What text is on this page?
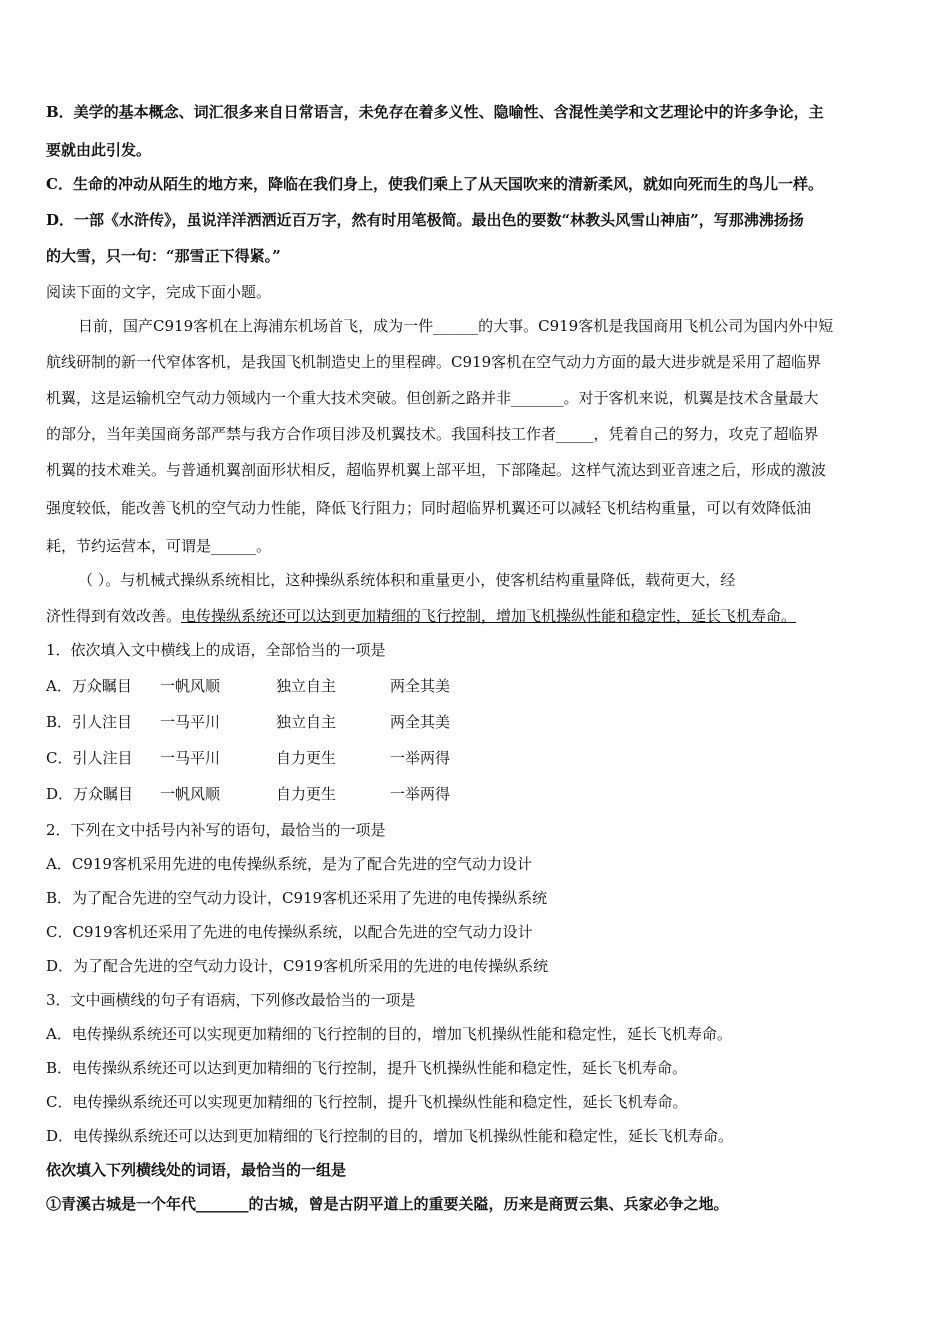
B．美学的基本概念、词汇很多来自日常语言，未免存在着多义性、隐喻性、含混性美学和文艺理论中的许多争论，主
要就由此引发。
C．生命的冲动从陌生的地方来，降临在我们身上，使我们乘上了从天国吹来的清新柔风，就如向死而生的鸟儿一样。
D．一部《水浒传》，虽说洋洋洒洒近百万字，然有时用笔极简。最出色的要数“林教头风雪山神庙”，写那沸沸扬扬
的大雪，只一句：“那雪正下得紧。”
阅读下面的文字，完成下面小题。
日前，国产C919客机在上海浦东机场首飞，成为一件______的大事。C919客机是我国商用飞机公司为国内外中短
航线研制的新一代窄体客机，是我国飞机制造史上的里程碑。C919客机在空气动力方面的最大进步就是采用了超临界
机翼，这是运输机空气动力领域内一个重大技术突破。但创新之路并非_______。对于客机来说，机翼是技术含量最大
的部分，当年美国商务部严禁与我方合作项目涉及机翼技术。我国科技工作者_____，凭着自己的努力，攻克了超临界
机翼的技术难关。与普通机翼剖面形状相反，超临界机翼上部平坦，下部隆起。这样气流达到亚音速之后，形成的激波
强度较低，能改善飞机的空气动力性能，降低飞行阻力；同时超临界机翼还可以减轻飞机结构重量，可以有效降低油
耗，节约运营本，可谓是______。
（ ）。与机械式操纵系统相比，这种操纵系统体积和重量更小，使客机结构重量降低，载荷更大，经
济性得到有效改善。电传操纵系统还可以达到更加精细的飞行控制，增加飞机操纵性能和稳定性，延长飞机寿命。
1．依次填入文中横线上的成语，全部恰当的一项是
A．万众瞩目 一帆风顺	独立自主	两全其美
B．引人注目 一马平川	独立自主	两全其美
C．引人注目 一马平川	自力更生	一举两得
D．万众瞩目 一帆风顺	自力更生	一举两得
2．下列在文中括号内补写的语句，最恰当的一项是
A．C919客机采用先进的电传操纵系统，是为了配合先进的空气动力设计
B．为了配合先进的空气动力设计，C919客机还采用了先进的电传操纵系统
C．C919客机还采用了先进的电传操纵系统，以配合先进的空气动力设计
D．为了配合先进的空气动力设计，C919客机所采用的先进的电传操纵系统
3．文中画横线的句子有语病，下列修改最恰当的一项是
A．电传操纵系统还可以实现更加精细的飞行控制的目的，增加飞机操纵性能和稳定性，延长飞机寿命。
B．电传操纵系统还可以达到更加精细的飞行控制，提升飞机操纵性能和稳定性，延长飞机寿命。
C．电传操纵系统还可以实现更加精细的飞行控制，提升飞机操纵性能和稳定性，延长飞机寿命。
D．电传操纵系统还可以达到更加精细的飞行控制的目的，增加飞机操纵性能和稳定性，延长飞机寿命。
依次填入下列横线处的词语，最恰当的一组是
①青溪古城是一个年代_______的古城，曾是古阴平道上的重要关隘，历来是商贾云集、兵家必争之地。
